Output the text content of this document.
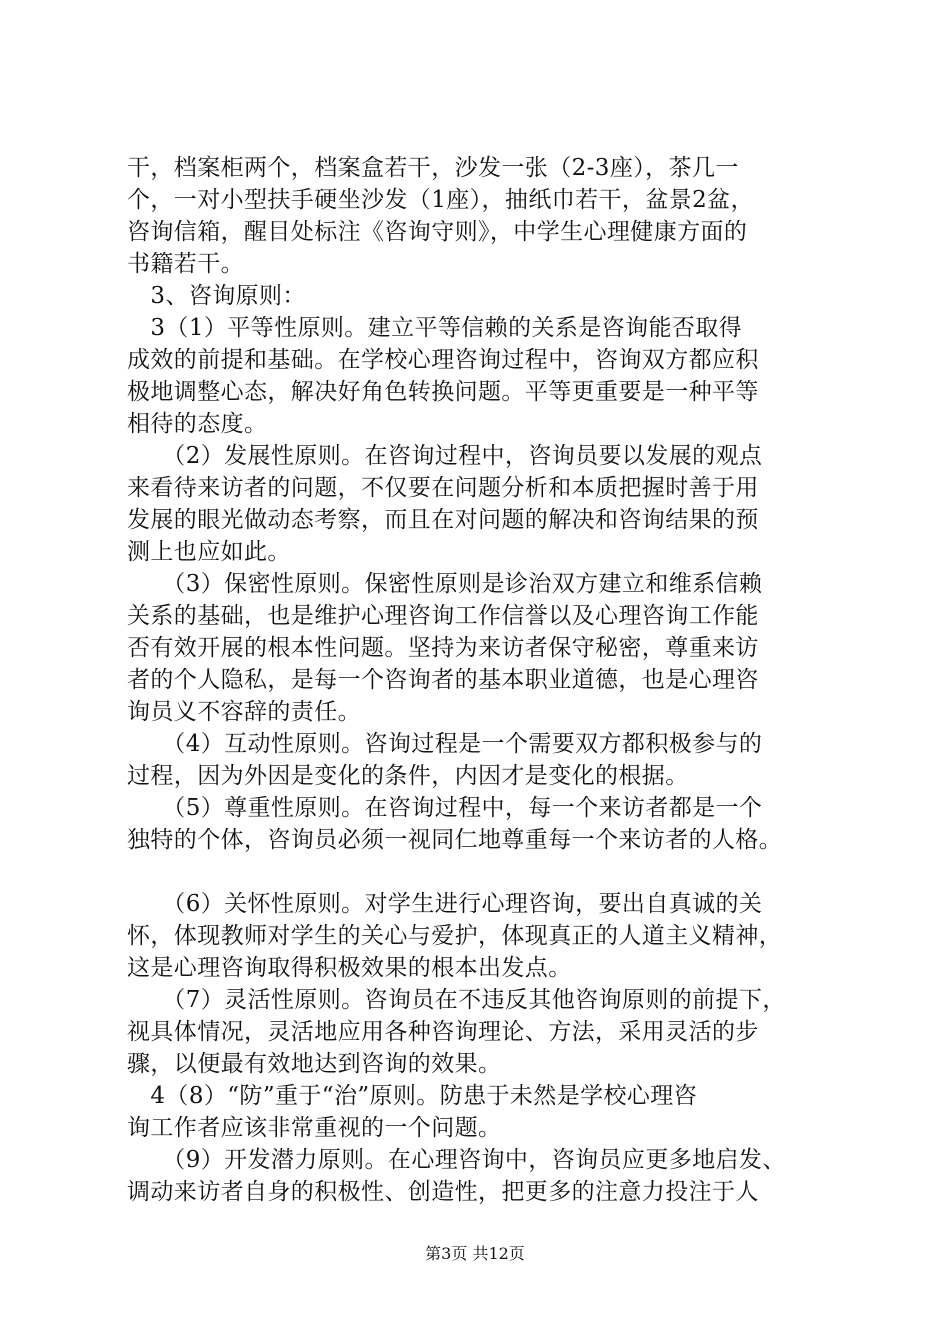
干，档案柜两个，档案盒若干，沙发一张（2-3座），茶几一
个，一对小型扶手硬坐沙发（1座），抽纸巾若干，盆景2盆，
咨询信箱，醒目处标注《咨询守则》，中学生心理健康方面的
书籍若干。
　3、咨询原则：
　3（1）平等性原则。建立平等信赖的关系是咨询能否取得
成效的前提和基础。在学校心理咨询过程中，咨询双方都应积
极地调整心态，解决好角色转换问题。平等更重要是一种平等
相待的态度。
　　（2）发展性原则。在咨询过程中，咨询员要以发展的观点
来看待来访者的问题，不仅要在问题分析和本质把握时善于用
发展的眼光做动态考察，而且在对问题的解决和咨询结果的预
测上也应如此。
　　（3）保密性原则。保密性原则是诊治双方建立和维系信赖
关系的基础，也是维护心理咨询工作信誉以及心理咨询工作能
否有效开展的根本性问题。坚持为来访者保守秘密，尊重来访
者的个人隐私，是每一个咨询者的基本职业道德，也是心理咨
询员义不容辞的责任。
　　（4）互动性原则。咨询过程是一个需要双方都积极参与的
过程，因为外因是变化的条件，内因才是变化的根据。
　　（5）尊重性原则。在咨询过程中，每一个来访者都是一个
独特的个体，咨询员必须一视同仁地尊重每一个来访者的人格。
　　（6）关怀性原则。对学生进行心理咨询，要出自真诚的关
怀，体现教师对学生的关心与爱护，体现真正的人道主义精神，
这是心理咨询取得积极效果的根本出发点。
　　（7）灵活性原则。咨询员在不违反其他咨询原则的前提下，
视具体情况，灵活地应用各种咨询理论、方法，采用灵活的步
骤，以便最有效地达到咨询的效果。
　4（8）“防”重于“治”原则。防患于未然是学校心理咨
询工作者应该非常重视的一个问题。
　　（9）开发潜力原则。在心理咨询中，咨询员应更多地启发、
调动来访者自身的积极性、创造性，把更多的注意力投注于人
第3页 共12页
